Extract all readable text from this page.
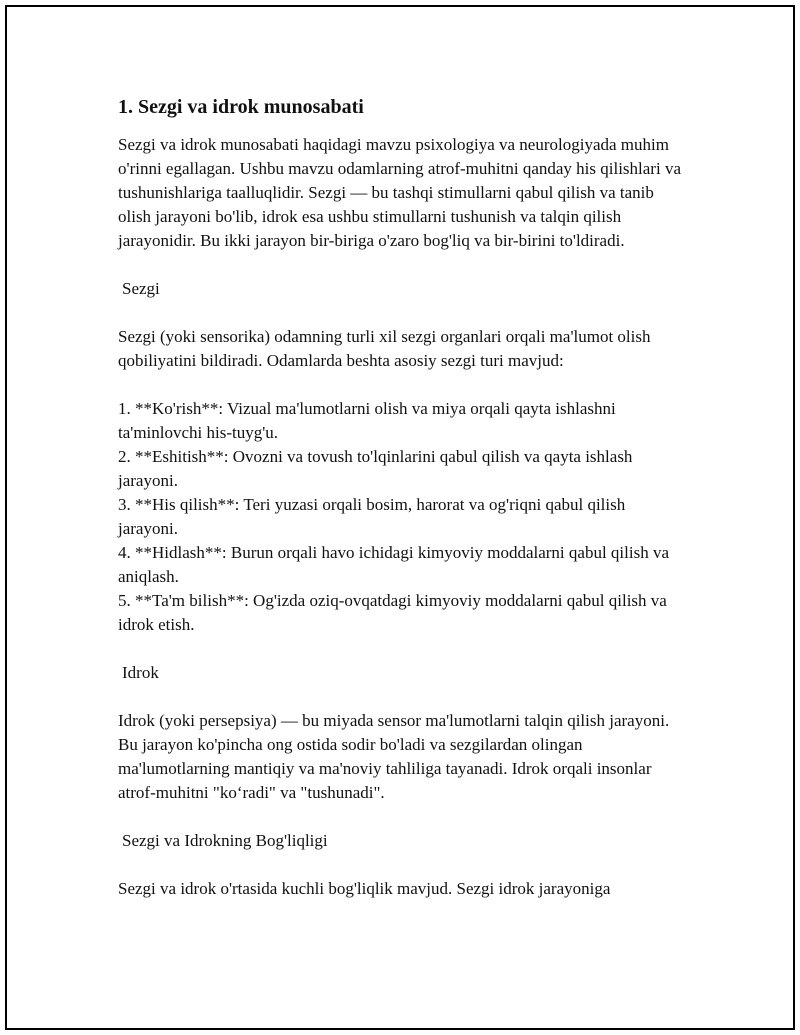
1. Sezgi va idrok munosabati

Sezgi va idrok munosabati haqidagi mavzu psixologiya va neurologiyada muhim o'rinni egallagan. Ushbu mavzu odamlarning atrof-muhitni qanday his qilishlari va tushunishlariga taalluqlidir. Sezgi — bu tashqi stimullarni qabul qilish va tanib olish jarayoni bo'lib, idrok esa ushbu stimullarni tushunish va talqin qilish jarayonidir. Bu ikki jarayon bir-biriga o'zaro bog'liq va bir-birini to'ldiradi.

Sezgi

Sezgi (yoki sensorika) odamning turli xil sezgi organlari orqali ma'lumot olish qobiliyatini bildiradi. Odamlarda beshta asosiy sezgi turi mavjud:

1. **Ko'rish**: Vizual ma'lumotlarni olish va miya orqali qayta ishlashni ta'minlovchi his-tuyg'u.

2. **Eshitish**: Ovozni va tovush to'lqinlarini qabul qilish va qayta ishlash jarayoni.

3. **His qilish**: Teri yuzasi orqali bosim, harorat va og'riqni qabul qilish jarayoni.

4. **Hidlash**: Burun orqali havo ichidagi kimyoviy moddalarni qabul qilish va aniqlash.

5. **Ta'm bilish**: Og'izda oziq-ovqatdagi kimyoviy moddalarni qabul qilish va idrok etish.

Idrok

Idrok (yoki persepsiya) — bu miyada sensor ma'lumotlarni talqin qilish jarayoni. Bu jarayon ko'pincha ong ostida sodir bo'ladi va sezgilardan olingan ma'lumotlarning mantiqiy va ma'noviy tahliliga tayanadi. Idrok orqali insonlar atrof-muhitni "ko‘radi" va "tushunadi".

Sezgi va Idrokning Bog'liqligi

Sezgi va idrok o'rtasida kuchli bog'liqlik mavjud. Sezgi idrok jarayoniga
